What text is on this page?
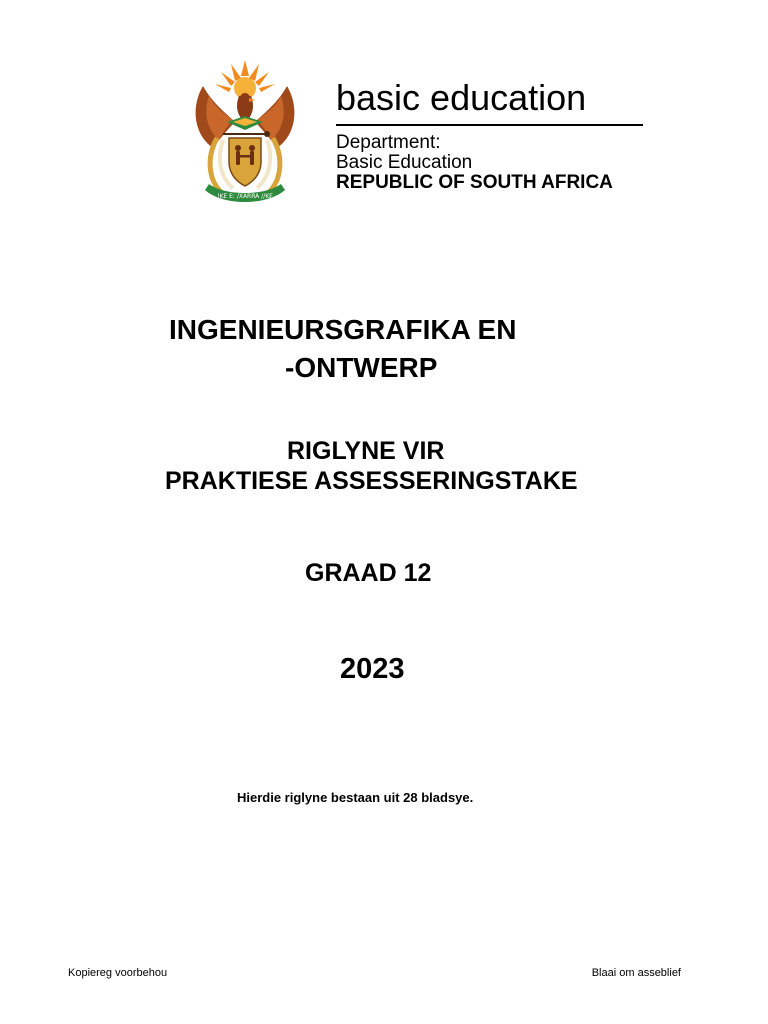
!KE E: /XARRA //KE
basic education
Department:
Basic Education
REPUBLIC OF SOUTH AFRICA
INGENIEURSGRAFIKA EN
-ONTWERP
RIGLYNE VIR
PRAKTIESE ASSESSERINGSTAKE
GRAAD 12
2023
Hierdie riglyne bestaan uit 28 bladsye.
Kopiereg voorbehou	Blaai om asseblief
